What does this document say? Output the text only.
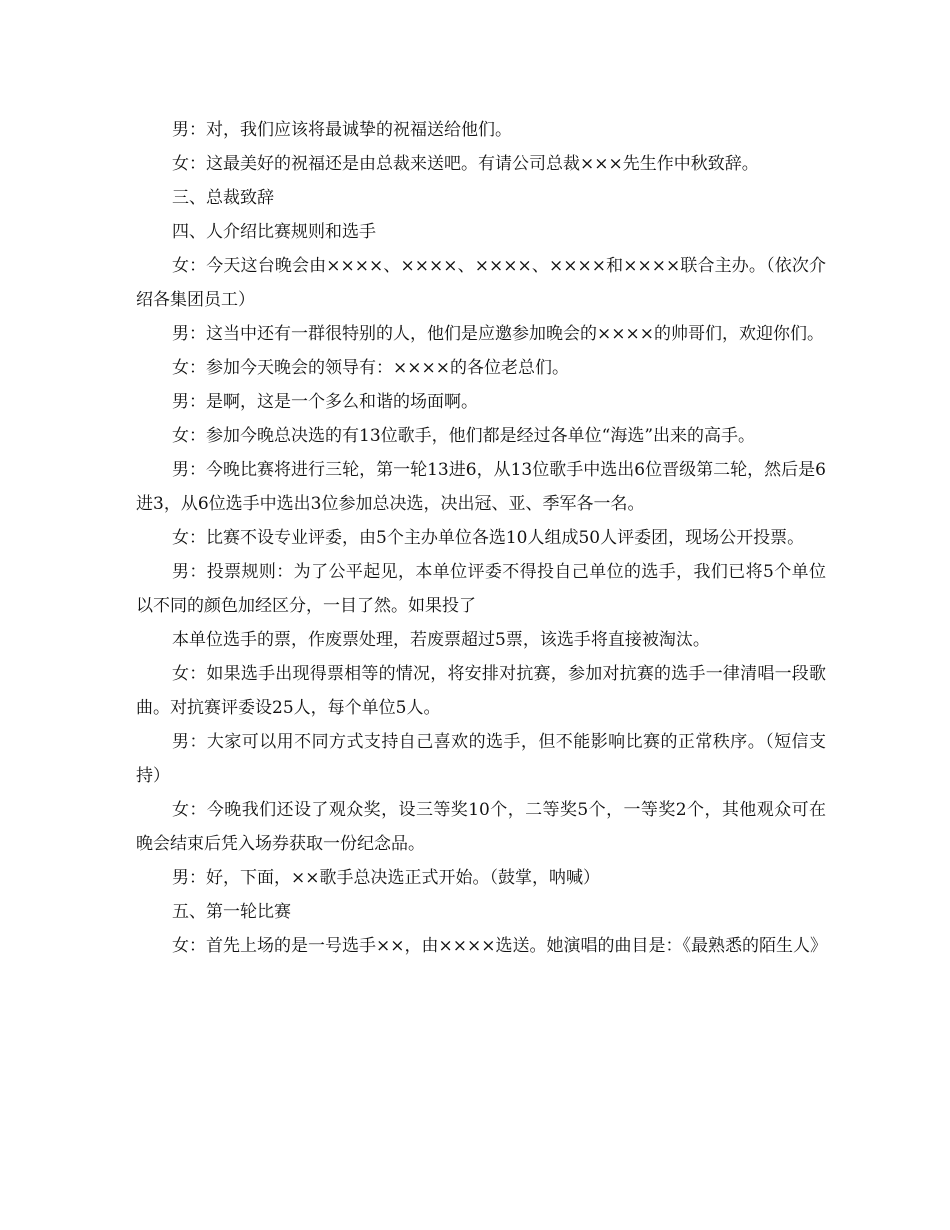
男：对，我们应该将最诚挚的祝福送给他们。

女：这最美好的祝福还是由总裁来送吧。有请公司总裁×××先生作中秋致辞。

三、总裁致辞

四、人介绍比赛规则和选手

女：今天这台晚会由××××、××××、××××、××××和××××联合主办。（依次介绍各集团员工）

男：这当中还有一群很特别的人，他们是应邀参加晚会的××××的帅哥们，欢迎你们。

女：参加今天晚会的领导有：××××的各位老总们。

男：是啊，这是一个多么和谐的场面啊。

女：参加今晚总决选的有13位歌手，他们都是经过各单位“海选”出来的高手。

男：今晚比赛将进行三轮，第一轮13进6，从13位歌手中选出6位晋级第二轮，然后是6进3，从6位选手中选出3位参加总决选，决出冠、亚、季军各一名。

女：比赛不设专业评委，由5个主办单位各选10人组成50人评委团，现场公开投票。

男：投票规则：为了公平起见，本单位评委不得投自己单位的选手，我们已将5个单位以不同的颜色加经区分，一目了然。如果投了

本单位选手的票，作废票处理，若废票超过5票，该选手将直接被淘汰。

女：如果选手出现得票相等的情况，将安排对抗赛，参加对抗赛的选手一律清唱一段歌曲。对抗赛评委设25人，每个单位5人。

男：大家可以用不同方式支持自己喜欢的选手，但不能影响比赛的正常秩序。（短信支持）

女：今晚我们还设了观众奖，设三等奖10个，二等奖5个，一等奖2个，其他观众可在晚会结束后凭入场券获取一份纪念品。

男：好，下面，××歌手总决选正式开始。（鼓掌，呐喊）

五、第一轮比赛

女：首先上场的是一号选手××，由××××选送。她演唱的曲目是：《最熟悉的陌生人》
